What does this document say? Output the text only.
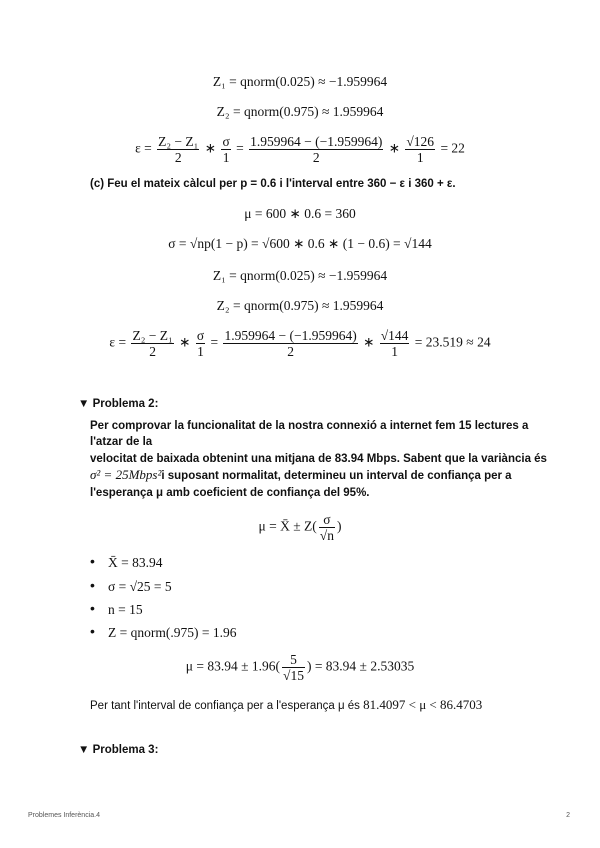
Z₁ = qnorm(0.025) ≈ −1.959964
Z₂ = qnorm(0.975) ≈ 1.959964
$\varepsilon = \frac{\text{Z₂ − Z₁}}{2}$ ∗ $\frac{\sigma}{1} = \frac{1.959964 - (-1.959964)}{2}$ ∗ $\frac{√126}{1} = 22$
(c) Feu el mateix càlcul per p = 0.6 i l'interval entre 360 − ε i 360 + ε.
μ = 600 ∗ 0.6 = 360
σ = √np(1 − p) = √600 ∗ 0.6 ∗ (1 − 0.6) = √144
Z₁ = qnorm(0.025) ≈ −1.959964
Z₂ = qnorm(0.975) ≈ 1.959964
$\varepsilon = \frac{\text{Z₂ − Z₁}}{2}$ ∗ $\frac{\sigma}{1} = \frac{1.959964 - (-1.959964)}{2}$ ∗ $\frac{√144}{1} = 23.519 \approx 24$
▼ Problema 2:
Per comprovar la funcionalitat de la nostra connexió a internet fem 15 lectures a
l'atzar de la
velocitat de baixada obtenint una mitjana de 83.94 Mbps. Sabent que la variància és
σ² = 25Mbps²i suposant normalitat, determineu un interval de confiança per a
l'esperança μ amb coeficient de confiança del 95%.
μ = X̄ ± $Z( \frac{\sigma}{√n}$ )
• X̄ = 83.94
• σ = √25 = 5
• n = 15
• Z = qnorm(.975) = 1.96
$\mu = 83.94 \pm 1.96( \frac{5}{√15}$ ) = 83.94 ± 2.53035
Per tant l'interval de confiança per a l'esperança μ és 81.4097 < μ < 86.4703
▼ Problema 3:
Problemes Inferència.4	2
